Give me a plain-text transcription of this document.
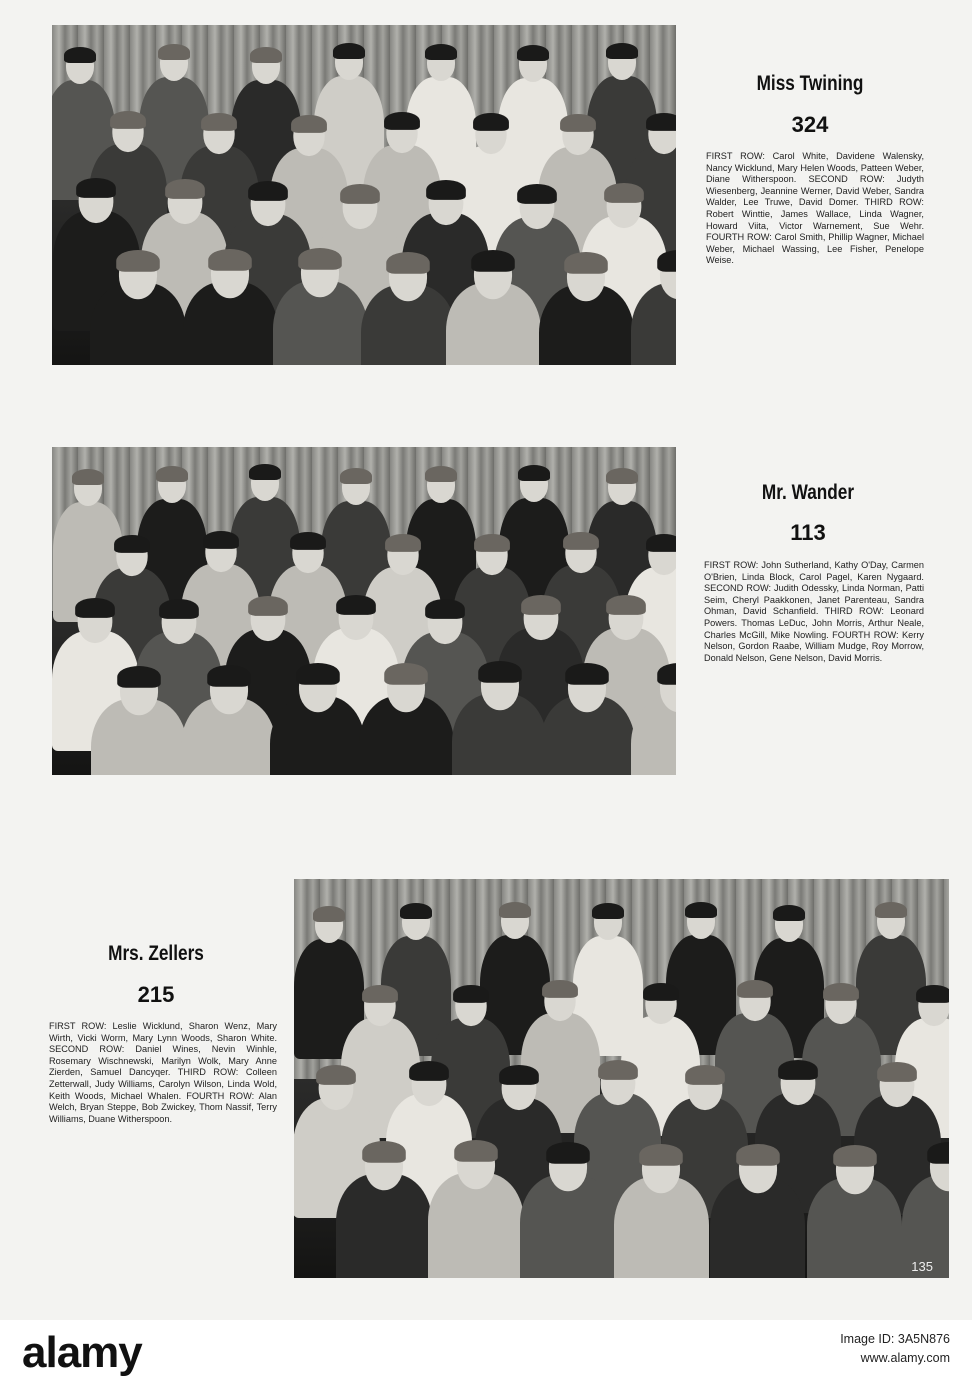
Miss Twining
324
FIRST ROW: Carol White, Davidene Walensky, Nancy Wicklund, Mary Helen Woods, Patteen Weber, Diane Witherspoon. SECOND ROW: Judyth Wiesenberg, Jeannine Werner, David Weber, Sandra Walder, Lee Truwe, David Domer. THIRD ROW: Robert Winttie, James Wallace, Linda Wagner, Howard Viita, Victor Warnement, Sue Wehr. FOURTH ROW: Carol Smith, Phillip Wagner, Michael Weber, Michael Wassing, Lee Fisher, Penelope Weise.
Mr. Wander
113
FIRST ROW: John Sutherland, Kathy O'Day, Carmen O'Brien, Linda Block, Carol Pagel, Karen Nygaard. SECOND ROW: Judith Odessky, Linda Norman, Patti Seim, Cheryl Paakkonen, Janet Parenteau, Sandra Ohman, David Schanfield. THIRD ROW: Leonard Powers. Thomas LeDuc, John Morris, Arthur Neale, Charles McGill, Mike Nowling. FOURTH ROW: Kerry Nelson, Gordon Raabe, William Mudge, Roy Morrow, Donald Nelson, Gene Nelson, David Morris.
135
Mrs. Zellers
215
FIRST ROW: Leslie Wicklund, Sharon Wenz, Mary Wirth, Vicki Worm, Mary Lynn Woods, Sharon White. SECOND ROW: Daniel Wines, Nevin Winhle, Rosemary Wischnewski, Marilyn Wolk, Mary Anne Zierden, Samuel Dancyqer. THIRD ROW: Colleen Zetterwall, Judy Williams, Carolyn Wilson, Linda Wold, Keith Woods, Michael Whalen. FOURTH ROW: Alan Welch, Bryan Steppe, Bob Zwickey, Thom Nassif, Terry Williams, Duane Witherspoon.
alamy	Image ID: 3A5N876
www.alamy.com
